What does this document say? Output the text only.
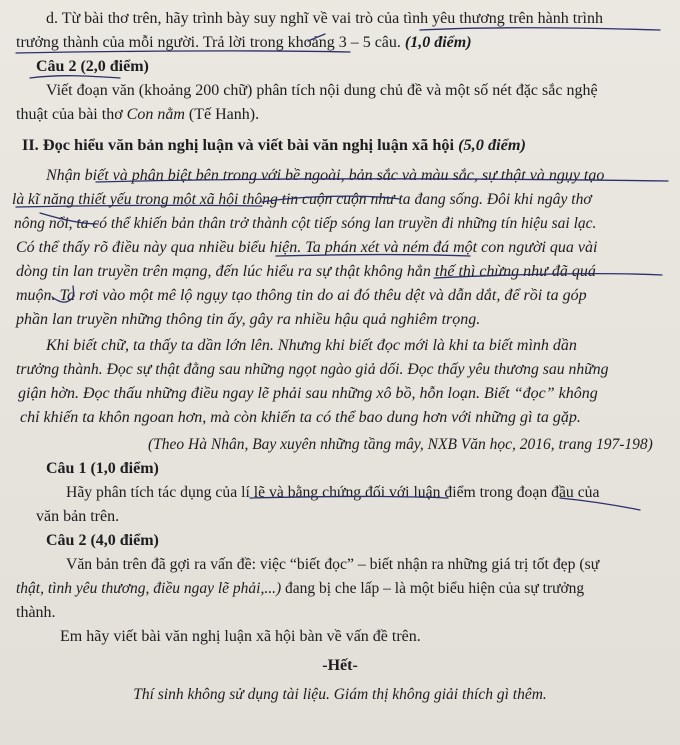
d. Từ bài thơ trên, hãy trình bày suy nghĩ về vai trò của tình yêu thương trên hành trình
trưởng thành của mỗi người. Trả lời trong khoảng 3 – 5 câu. (1,0 điểm)
Câu 2 (2,0 điểm)
Viết đoạn văn (khoảng 200 chữ) phân tích nội dung chủ đề và một số nét đặc sắc nghệ
thuật của bài thơ Con nằm (Tế Hanh).
II. Đọc hiểu văn bản nghị luận và viết bài văn nghị luận xã hội (5,0 điểm)
Nhận biết và phân biệt bên trong với bề ngoài, bản sắc và màu sắc, sự thật và ngụy tạo
là kĩ năng thiết yếu trong một xã hội thông tin cuộn cuộn như ta đang sống. Đôi khi ngây thơ
nông nổi, ta có thể khiến bản thân trở thành cột tiếp sóng lan truyền đi những tín hiệu sai lạc.
Có thể thấy rõ điều này qua nhiều biểu hiện. Ta phán xét và ném đá một con người qua vài
dòng tin lan truyền trên mạng, đến lúc hiểu ra sự thật không hẳn thế thì chừng như đã quá
muộn. Ta rơi vào một mê lộ ngụy tạo thông tin do ai đó thêu dệt và dẫn dắt, để rồi ta góp
phần lan truyền những thông tin ấy, gây ra nhiều hậu quả nghiêm trọng.
Khi biết chữ, ta thấy ta dần lớn lên. Nhưng khi biết đọc mới là khi ta biết mình dần
trưởng thành. Đọc sự thật đằng sau những ngọt ngào giả dối. Đọc thấy yêu thương sau những
giận hờn. Đọc thấu những điều ngay lẽ phải sau những xô bồ, hỗn loạn. Biết “đọc” không
chỉ khiến ta khôn ngoan hơn, mà còn khiến ta có thể bao dung hơn với những gì ta gặp.
(Theo Hà Nhân, Bay xuyên những tầng mây, NXB Văn học, 2016, trang 197-198)
Câu 1 (1,0 điểm)
Hãy phân tích tác dụng của lí lẽ và bằng chứng đối với luận điểm trong đoạn đầu của
văn bản trên.
Câu 2 (4,0 điểm)
Văn bản trên đã gợi ra vấn đề: việc “biết đọc” – biết nhận ra những giá trị tốt đẹp (sự
thật, tình yêu thương, điều ngay lẽ phải,...) đang bị che lấp – là một biểu hiện của sự trưởng
thành.
Em hãy viết bài văn nghị luận xã hội bàn về vấn đề trên.
-Hết-
Thí sinh không sử dụng tài liệu. Giám thị không giải thích gì thêm.
